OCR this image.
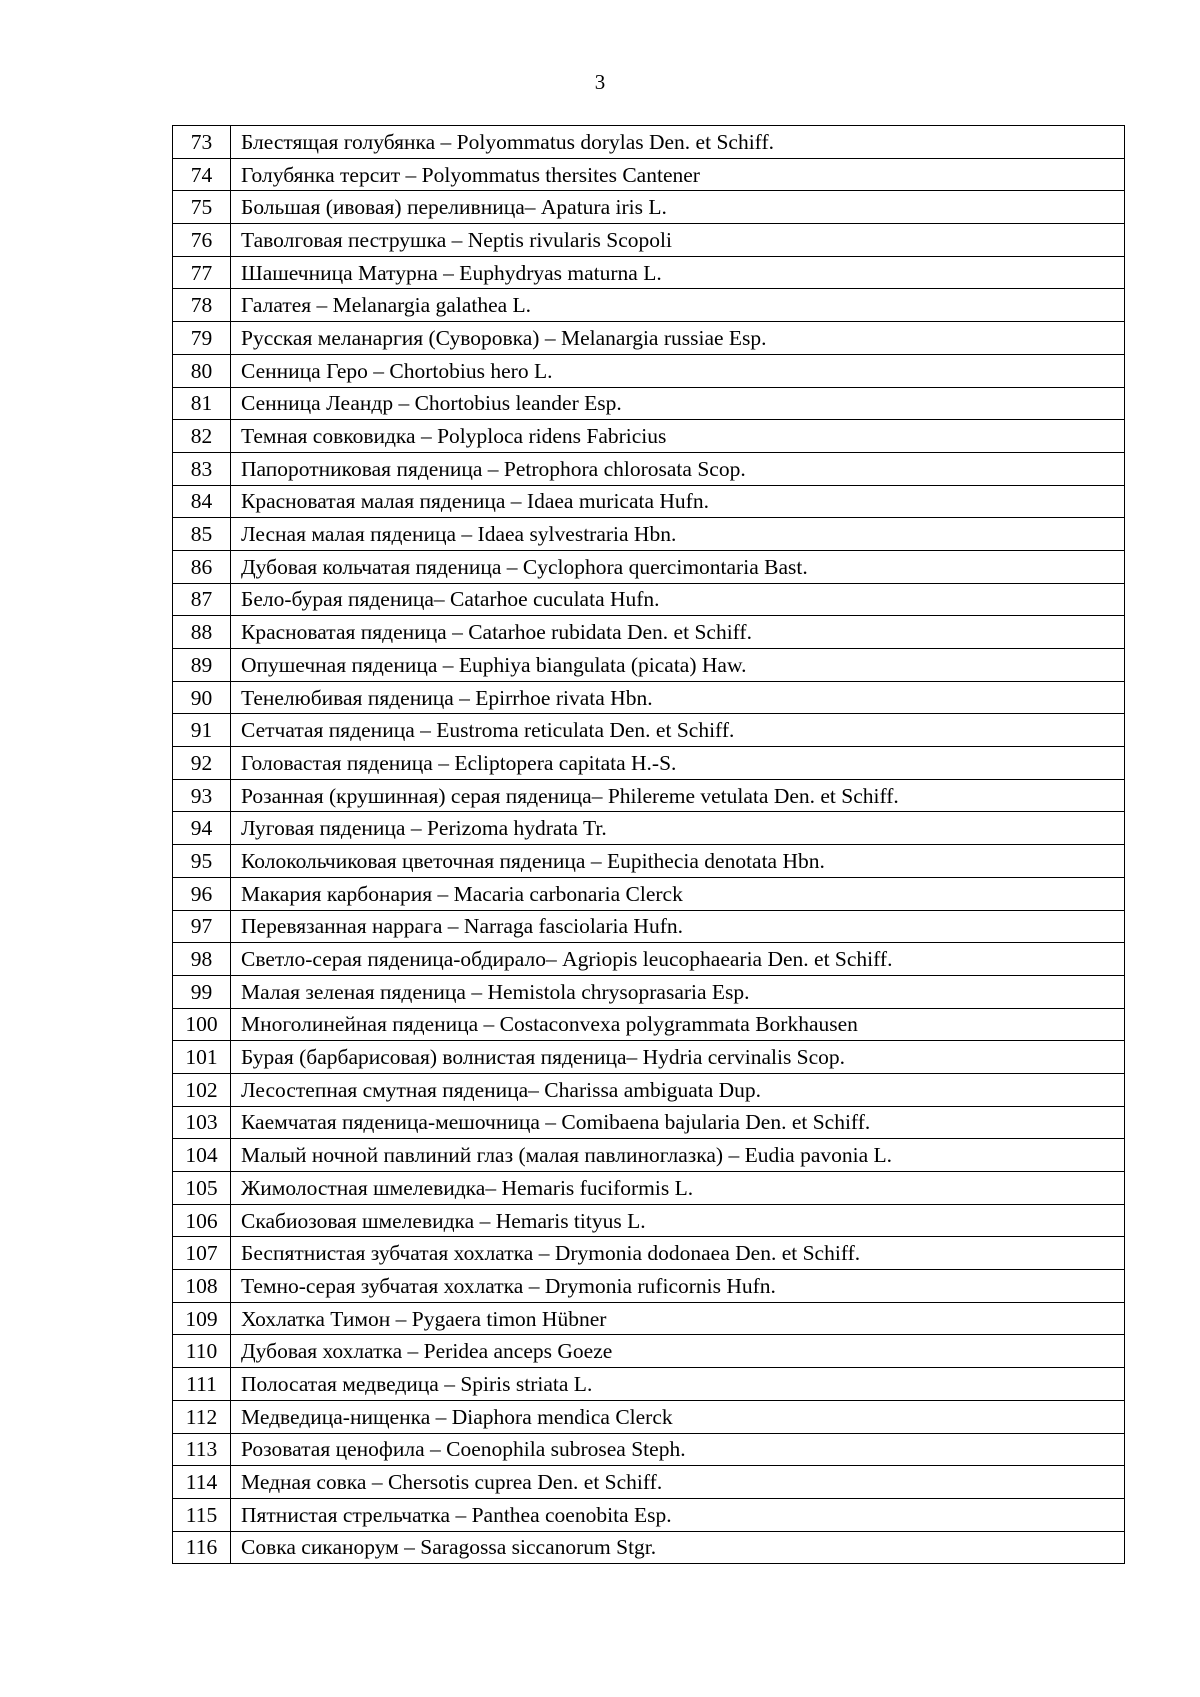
3
73	Блестящая голубянка – Polyommatus dorylas Den. et Schiff.
74	Голубянка терсит – Polyommatus thersites Cantener
75	Большая (ивовая) переливница– Apatura iris L.
76	Таволговая пеструшка – Neptis rivularis Scopoli
77	Шашечница Матурна – Euphydryas maturna L.
78	Галатея – Melanargia galathea L.
79	Русская меланаргия (Суворовка) – Melanargia russiae Esp.
80	Сенница Геро – Chortobius hero L.
81	Сенница Леандр – Chortobius leander Esp.
82	Темная совковидка – Polyploca ridens Fabricius
83	Папоротниковая пяденица – Petrophora chlorosata Scop.
84	Красноватая малая пяденица – Idaea muricata Hufn.
85	Лесная малая пяденица – Idaea sylvestraria Hbn.
86	Дубовая кольчатая пяденица – Cyclophora quercimontaria Bast.
87	Бело-бурая пяденица– Catarhoe cuculata Hufn.
88	Красноватая пяденица – Catarhoe rubidata Den. et Schiff.
89	Опушечная пяденица – Euphiya biangulata (picata) Haw.
90	Тенелюбивая пяденица – Epirrhoe rivata Hbn.
91	Сетчатая пяденица – Eustroma reticulata Den. et Schiff.
92	Головастая пяденица – Ecliptopera capitata H.-S.
93	Розанная (крушинная) серая пяденица– Philereme vetulata Den. et Schiff.
94	Луговая пяденица – Perizoma hydrata Tr.
95	Колокольчиковая цветочная пяденица – Eupithecia denotata Hbn.
96	Макария карбонария – Macaria carbonaria Clerck
97	Перевязанная наррага – Narraga fasciolaria Hufn.
98	Светло-серая пяденица-обдирало– Agriopis leucophaearia Den. et Schiff.
99	Малая зеленая пяденица – Hemistola chrysoprasaria Esp.
100	Многолинейная пяденица – Costaconvexa polygrammata Borkhausen
101	Бурая (барбарисовая) волнистая пяденица– Hydria cervinalis Scop.
102	Лесостепная смутная пяденица– Charissa ambiguata Dup.
103	Каемчатая пяденица-мешочница – Comibaena bajularia Den. et Schiff.
104	Малый ночной павлиний глаз (малая павлиноглазка) – Eudia pavonia L.
105	Жимолостная шмелевидка– Hemaris fuciformis L.
106	Скабиозовая шмелевидка – Hemaris tityus L.
107	Беспятнистая зубчатая хохлатка – Drymonia dodonaea Den. et Schiff.
108	Темно-серая зубчатая хохлатка – Drymonia ruficornis Hufn.
109	Хохлатка Тимон – Pygaera timon Hübner
110	Дубовая хохлатка – Peridea anceps Goeze
111	Полосатая медведица – Spiris striata L.
112	Медведица-нищенка – Diaphora mendica Clerck
113	Розоватая ценофила – Coenophila subrosea Steph.
114	Медная совка – Chersotis cuprea Den. et Schiff.
115	Пятнистая стрельчатка – Panthea coenobita Esp.
116	Совка сиканорум – Saragossa siccanorum Stgr.
